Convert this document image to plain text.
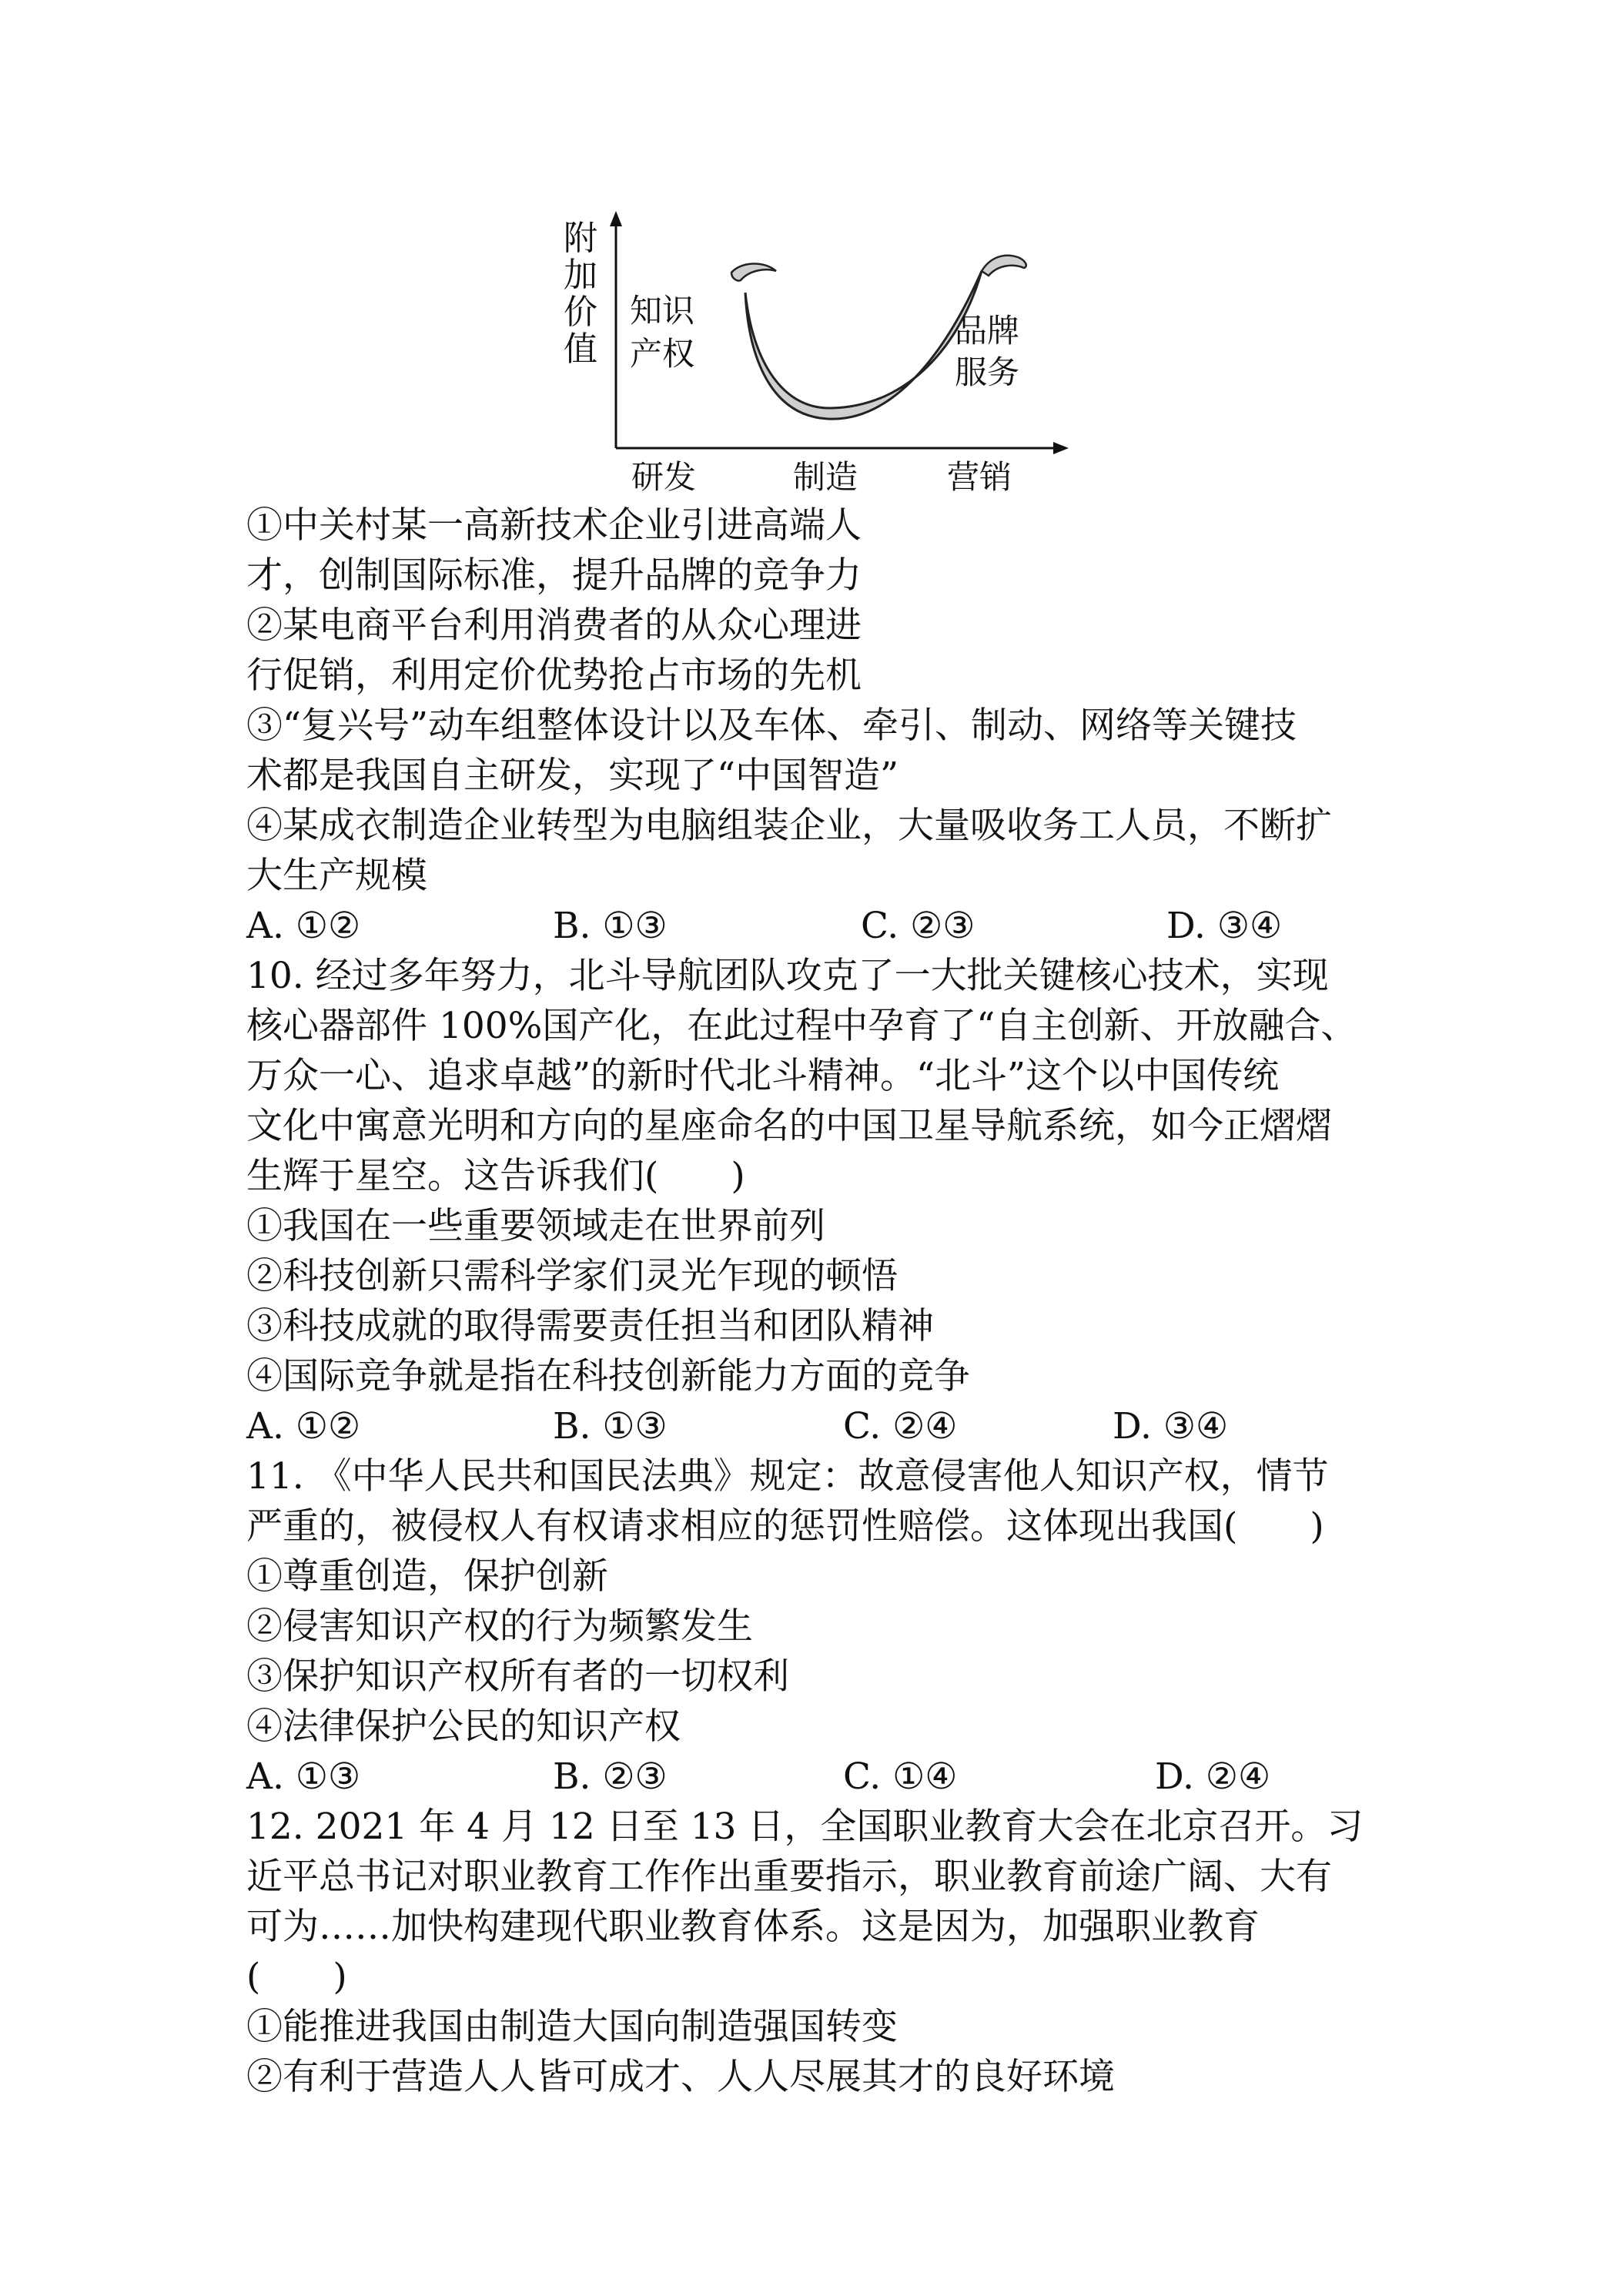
附
加
价
值
知识
产权
品牌
服务
研发	制造	营销
①中关村某一高新技术企业引进高端人
才，创制国际标准，提升品牌的竞争力
②某电商平台利用消费者的从众心理进
行促销，利用定价优势抢占市场的先机
③“复兴号”动车组整体设计以及车体、牵引、制动、网络等关键技
术都是我国自主研发，实现了“中国智造”
④某成衣制造企业转型为电脑组装企业，大量吸收务工人员，不断扩
大生产规模
A. ①②	B. ①③	C. ②③	D. ③④
10. 经过多年努力，北斗导航团队攻克了一大批关键核心技术，实现
核心器部件 100%国产化，在此过程中孕育了“自主创新、开放融合、
万众一心、追求卓越”的新时代北斗精神。“北斗”这个以中国传统
文化中寓意光明和方向的星座命名的中国卫星导航系统，如今正熠熠
生辉于星空。这告诉我们(　　)
①我国在一些重要领域走在世界前列
②科技创新只需科学家们灵光乍现的顿悟
③科技成就的取得需要责任担当和团队精神
④国际竞争就是指在科技创新能力方面的竞争
A. ①②	B. ①③	C. ②④	D. ③④
11. 《中华人民共和国民法典》规定：故意侵害他人知识产权，情节
严重的，被侵权人有权请求相应的惩罚性赔偿。这体现出我国(　　)
①尊重创造，保护创新
②侵害知识产权的行为频繁发生
③保护知识产权所有者的一切权利
④法律保护公民的知识产权
A. ①③	B. ②③	C. ①④	D. ②④
12. 2021 年 4 月 12 日至 13 日，全国职业教育大会在北京召开。习
近平总书记对职业教育工作作出重要指示，职业教育前途广阔、大有
可为……加快构建现代职业教育体系。这是因为，加强职业教育
(　　)
①能推进我国由制造大国向制造强国转变
②有利于营造人人皆可成才、人人尽展其才的良好环境
